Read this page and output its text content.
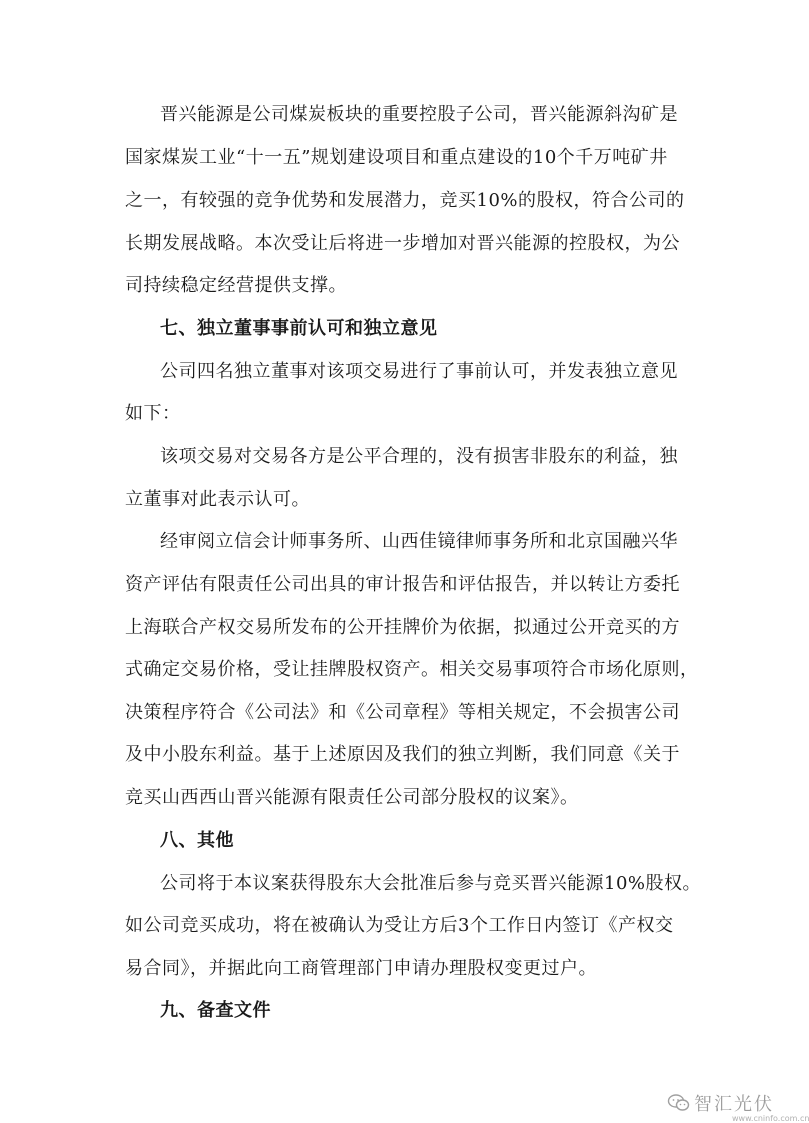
晋兴能源是公司煤炭板块的重要控股子公司，晋兴能源斜沟矿是
国家煤炭工业“十一五”规划建设项目和重点建设的10个千万吨矿井
之一，有较强的竞争优势和发展潜力，竞买10%的股权，符合公司的
长期发展战略。本次受让后将进一步增加对晋兴能源的控股权，为公
司持续稳定经营提供支撑。
七、独立董事事前认可和独立意见
公司四名独立董事对该项交易进行了事前认可，并发表独立意见
如下：
该项交易对交易各方是公平合理的，没有损害非股东的利益，独
立董事对此表示认可。
经审阅立信会计师事务所、山西佳镜律师事务所和北京国融兴华
资产评估有限责任公司出具的审计报告和评估报告，并以转让方委托
上海联合产权交易所发布的公开挂牌价为依据，拟通过公开竞买的方
式确定交易价格，受让挂牌股权资产。相关交易事项符合市场化原则，
决策程序符合《公司法》和《公司章程》等相关规定，不会损害公司
及中小股东利益。基于上述原因及我们的独立判断，我们同意《关于
竞买山西西山晋兴能源有限责任公司部分股权的议案》。
八、其他
公司将于本议案获得股东大会批准后参与竞买晋兴能源10%股权。
如公司竞买成功，将在被确认为受让方后3个工作日内签订《产权交
易合同》，并据此向工商管理部门申请办理股权变更过户。
九、备查文件
智汇光伏
www.cninfo.com.cn
